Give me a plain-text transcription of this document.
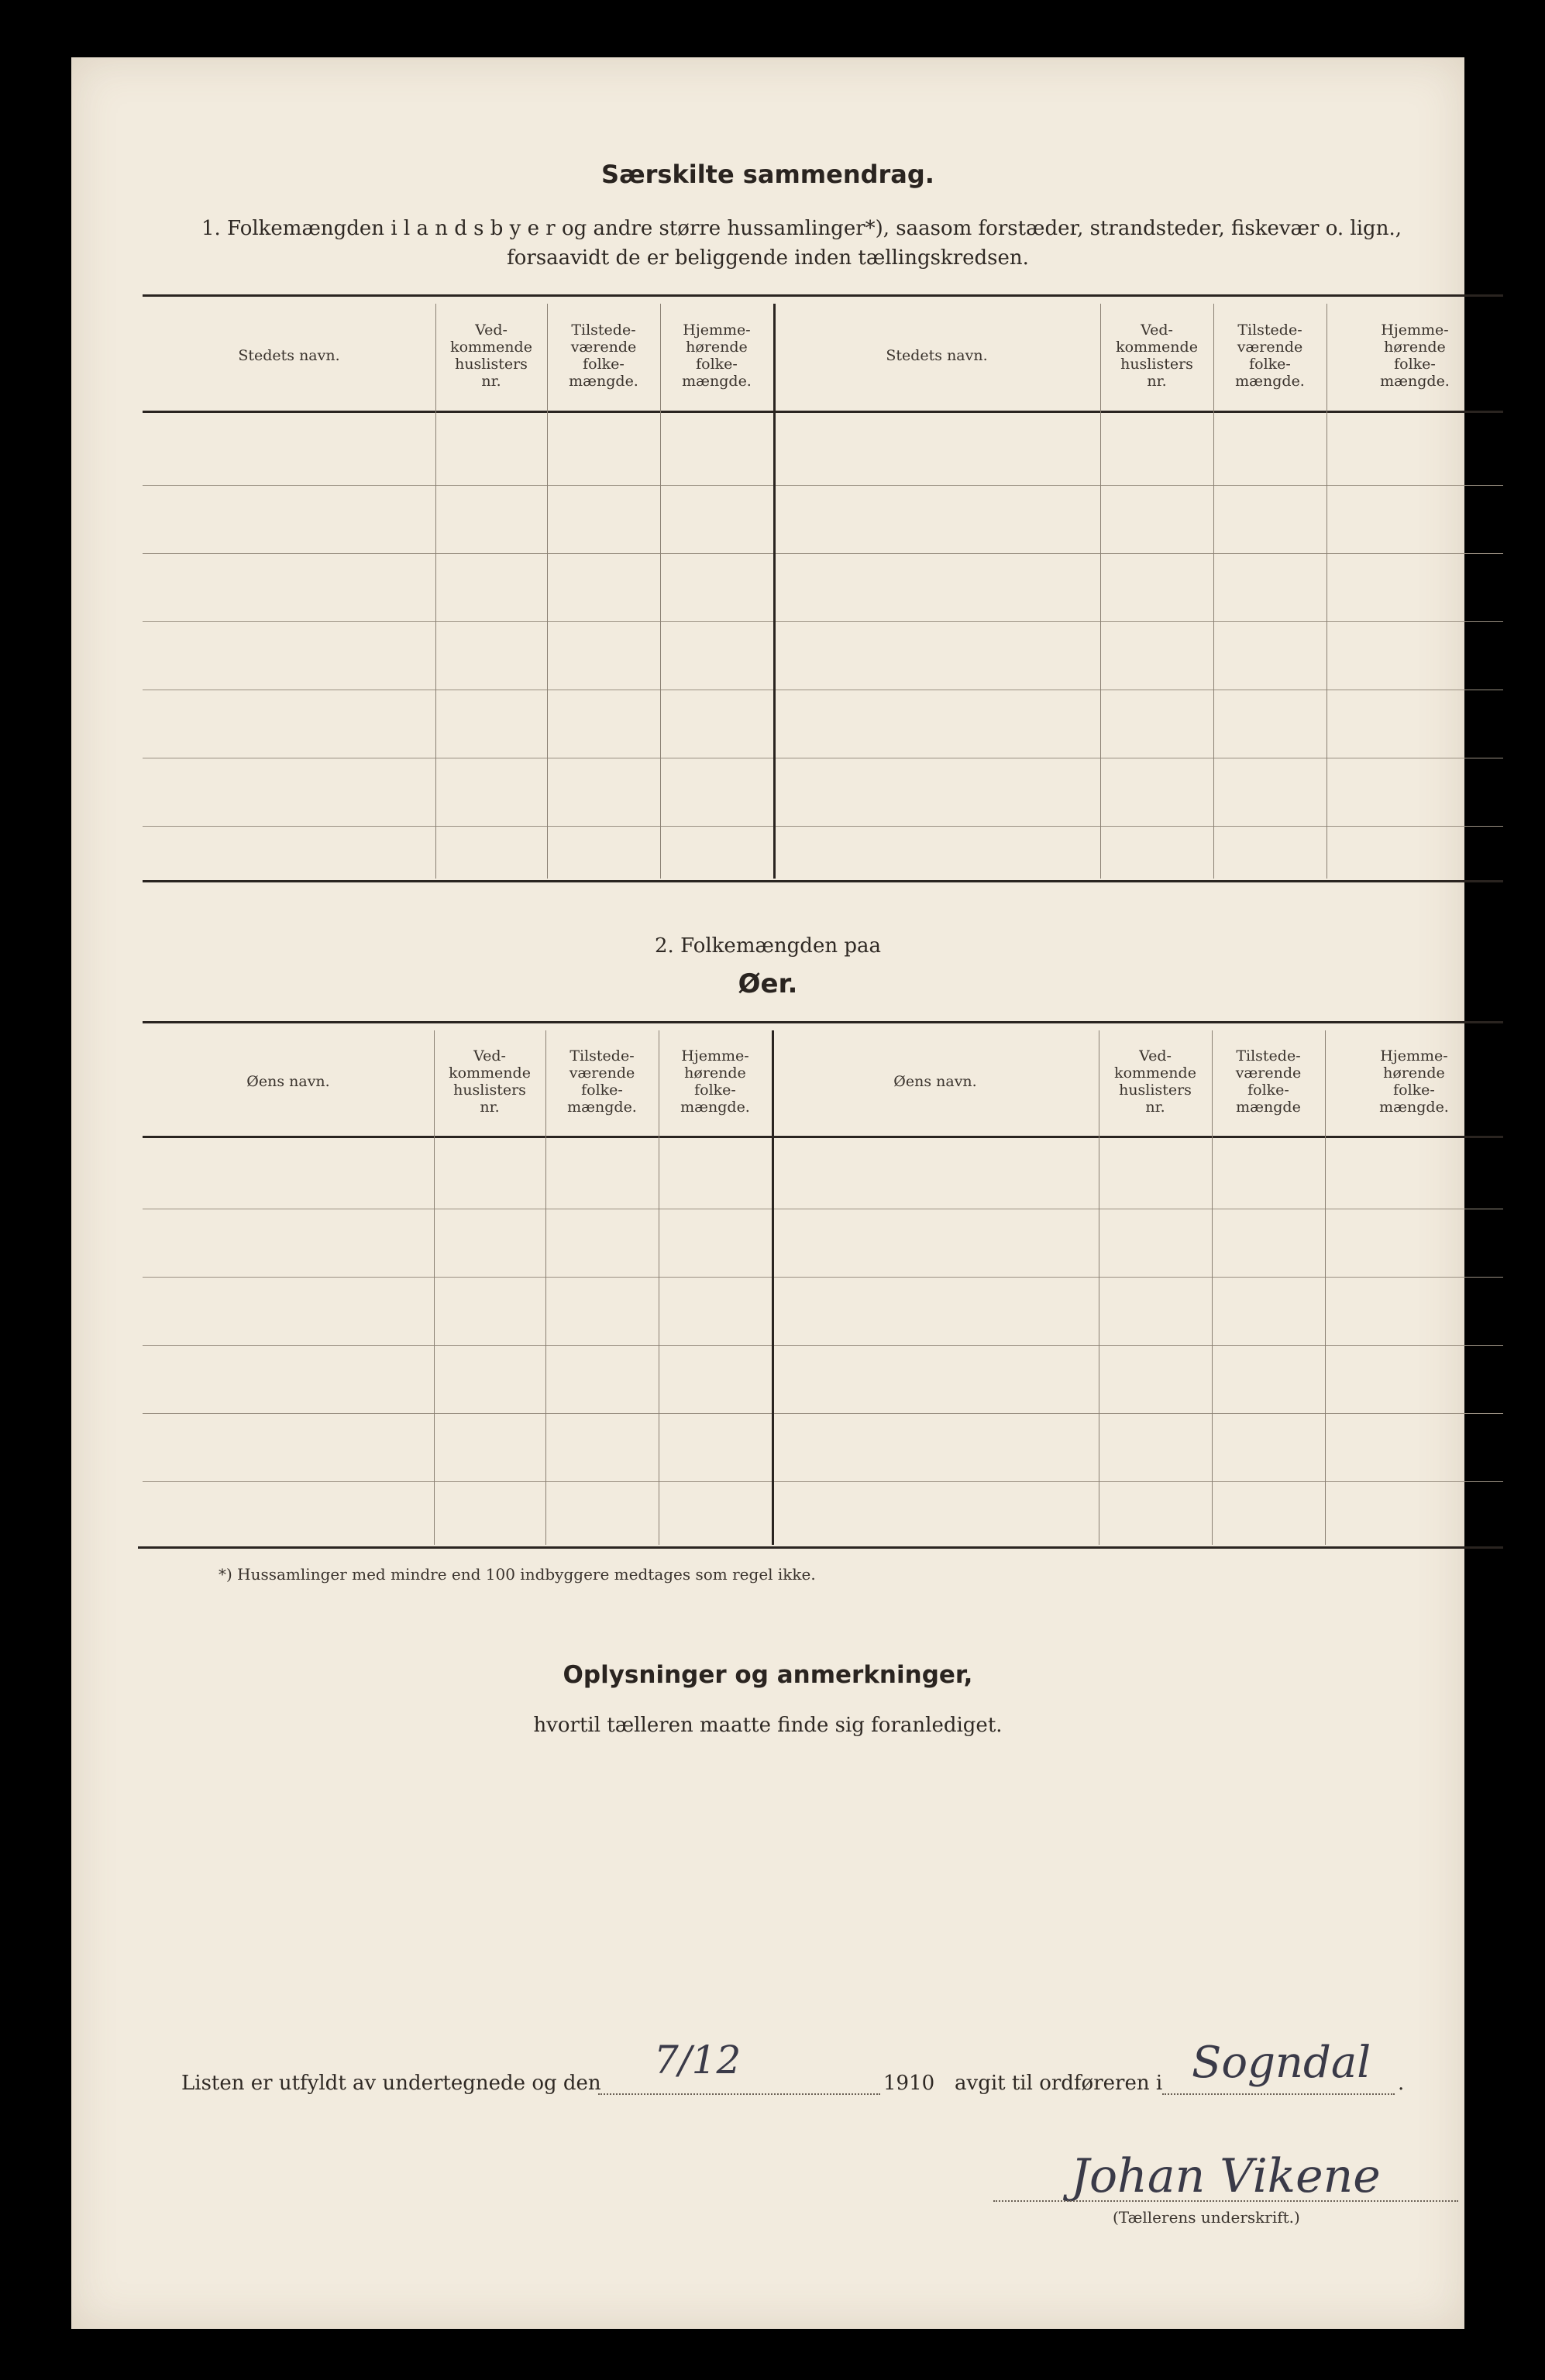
Særskilte sammendrag.
1. Folkemængden i l a n d s b y e r og andre større hussamlinger*), saasom forstæder, strandsteder, fiskevær o. lign.,
forsaavidt de er beliggende inden tællingskredsen.
Stedets navn.
Ved-
kommende
huslisters
nr.
Tilstede-
værende
folke-
mængde.
Hjemme-
hørende
folke-
mængde.
Stedets navn.
Ved-
kommende
huslisters
nr.
Tilstede-
værende
folke-
mængde.
Hjemme-
hørende
folke-
mængde.
2. Folkemængden paa
Øer.
Øens navn.
Ved-
kommende
huslisters
nr.
Tilstede-
værende
folke-
mængde.
Hjemme-
hørende
folke-
mængde.
Øens navn.
Ved-
kommende
huslisters
nr.
Tilstede-
værende
folke-
mængde
Hjemme-
hørende
folke-
mængde.
*) Hussamlinger med mindre end 100 indbyggere medtages som regel ikke.
Oplysninger og anmerkninger,
hvortil tælleren maatte finde sig foranlediget.
Listen er utfyldt av undertegnede og den
7/12
1910 avgit til ordføreren i Sogndal .
Johan Vikene
(Tællerens underskrift.)
